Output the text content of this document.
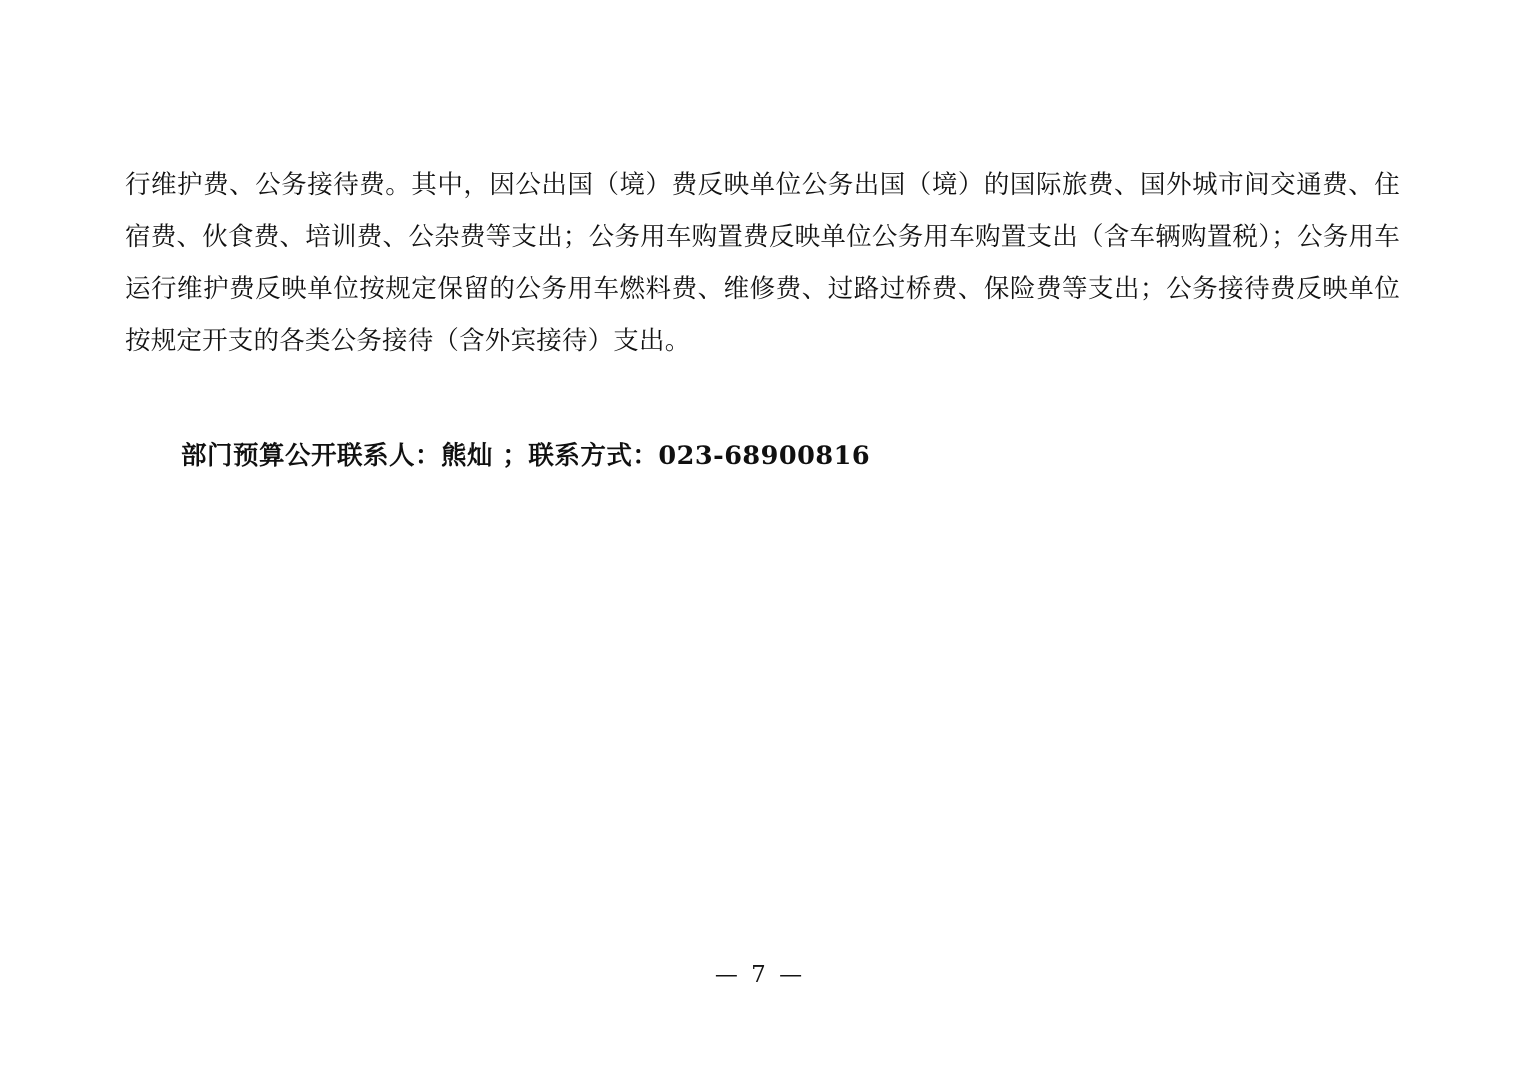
行维护费、公务接待费。其中，因公出国（境）费反映单位公务出国（境）的国际旅费、国外城市间交通费、住宿费、伙食费、培训费、公杂费等支出；公务用车购置费反映单位公务用车购置支出（含车辆购置税）；公务用车运行维护费反映单位按规定保留的公务用车燃料费、维修费、过路过桥费、保险费等支出；公务接待费反映单位按规定开支的各类公务接待（含外宾接待）支出。

部门预算公开联系人：熊灿 ；联系方式：023-68900816

— 7 —
